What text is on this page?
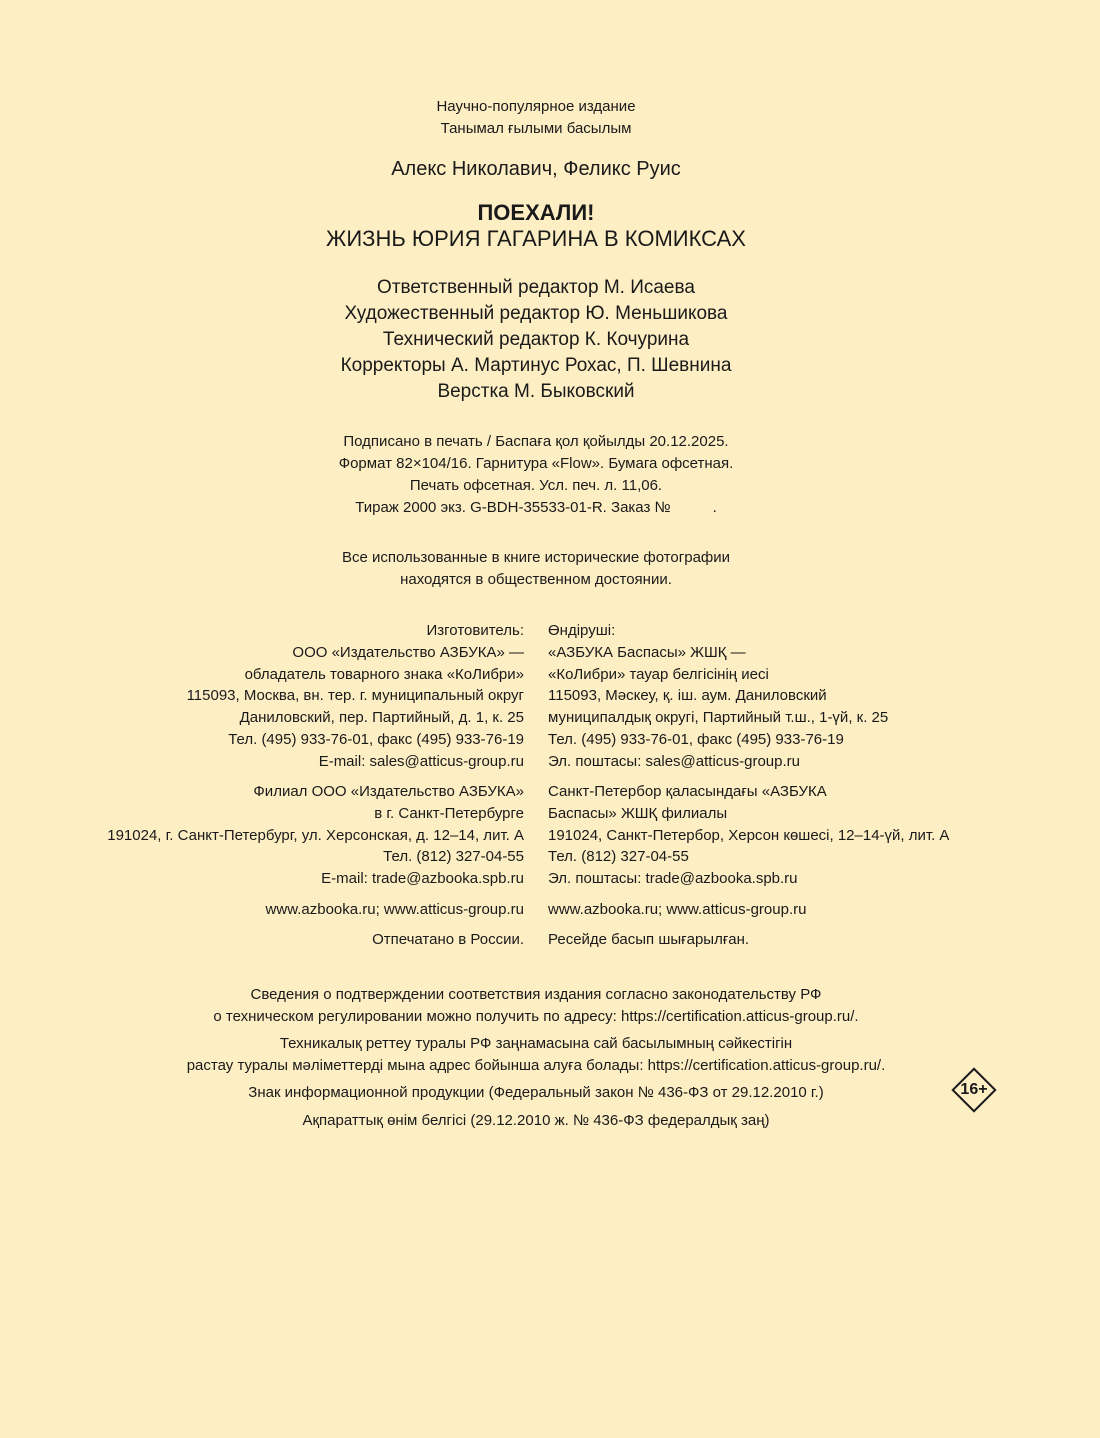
Научно-популярное издание
Танымал ғылыми басылым
Алекс Николавич, Феликс Руис
ПОЕХАЛИ!
ЖИЗНЬ ЮРИЯ ГАГАРИНА В КОМИКСАХ
Ответственный редактор М. Исаева
Художественный редактор Ю. Меньшикова
Технический редактор К. Кочурина
Корректоры А. Мартинус Рохас, П. Шевнина
Верстка М. Быковский
Подписано в печать / Баспаға қол қойылды 20.12.2025.
Формат 82×104/16. Гарнитура «Flow». Бумага офсетная.
Печать офсетная. Усл. печ. л. 11,06.
Тираж 2000 экз. G-BDH-35533-01-R. Заказ №	.
Все использованные в книге исторические фотографии
находятся в общественном достоянии.
Изготовитель:
ООО «Издательство АЗБУКА» —
обладатель товарного знака «КоЛибри»
115093, Москва, вн. тер. г. муниципальный округ
Даниловский, пер. Партийный, д. 1, к. 25
Тел. (495) 933-76-01, факс (495) 933-76-19
E-mail: sales@atticus-group.ru
Өндіруші:
«АЗБУКА Баспасы» ЖШҚ —
«КоЛибри» тауар белгісінің иесі
115093, Мәскеу, қ. іш. аум. Даниловский
муниципалдық округі, Партийный т.ш., 1-үй, к. 25
Тел. (495) 933-76-01, факс (495) 933-76-19
Эл. поштасы: sales@atticus-group.ru
Филиал ООО «Издательство АЗБУКА»
в г. Санкт-Петербурге
191024, г. Санкт-Петербург, ул. Херсонская, д. 12–14, лит. А
Тел. (812) 327-04-55
E-mail: trade@azbooka.spb.ru
Санкт-Петербор қаласындағы «АЗБУКА
Баспасы» ЖШҚ филиалы
191024, Санкт-Петербор, Херсон көшесі, 12–14-үй, лит. А
Тел. (812) 327-04-55
Эл. поштасы: trade@azbooka.spb.ru
www.azbooka.ru; www.atticus-group.ru www.azbooka.ru; www.atticus-group.ru
Отпечатано в России. Ресейде басып шығарылған.
Сведения о подтверждении соответствия издания согласно законодательству РФ
о техническом регулировании можно получить по адресу: https://certification.atticus-group.ru/.
Техникалық реттеу туралы РФ заңнамасына сай басылымның сәйкестігін
растау туралы мәліметтерді мына адрес бойынша алуға болады: https://certification.atticus-group.ru/.
Знак информационной продукции (Федеральный закон № 436-ФЗ от 29.12.2010 г.)
Ақпараттық өнім белгісі (29.12.2010 ж. № 436-ФЗ федералдық заң)
16+
